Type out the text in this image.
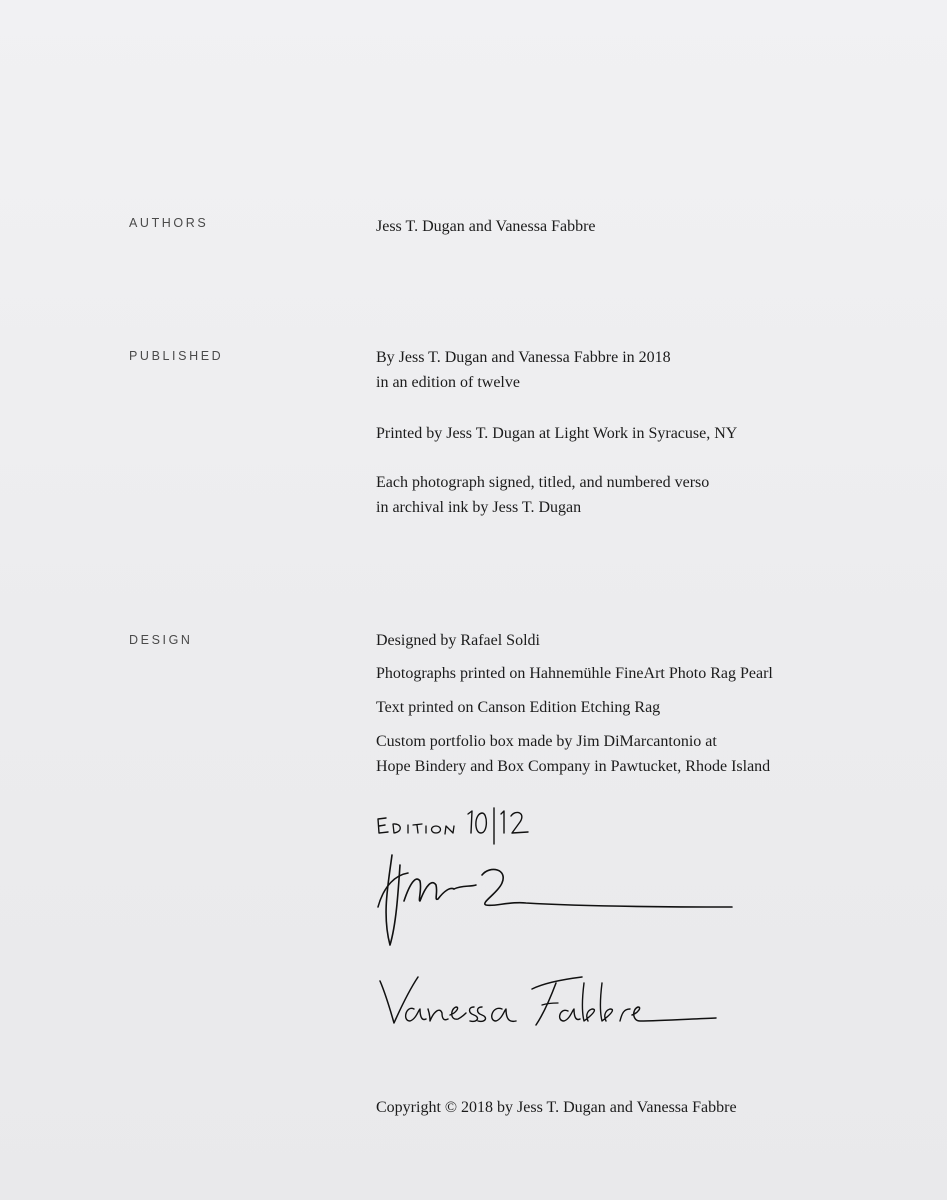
AUTHORS	Jess T. Dugan and Vanessa Fabbre
PUBLISHED	By Jess T. Dugan and Vanessa Fabbre in 2018
in an edition of twelve
Printed by Jess T. Dugan at Light Work in Syracuse, NY
Each photograph signed, titled, and numbered verso
in archival ink by Jess T. Dugan
DESIGN	Designed by Rafael Soldi
Photographs printed on Hahnemühle FineArt Photo Rag Pearl
Text printed on Canson Edition Etching Rag
Custom portfolio box made by Jim DiMarcantonio at
Hope Bindery and Box Company in Pawtucket, Rhode Island
Copyright © 2018 by Jess T. Dugan and Vanessa Fabbre
